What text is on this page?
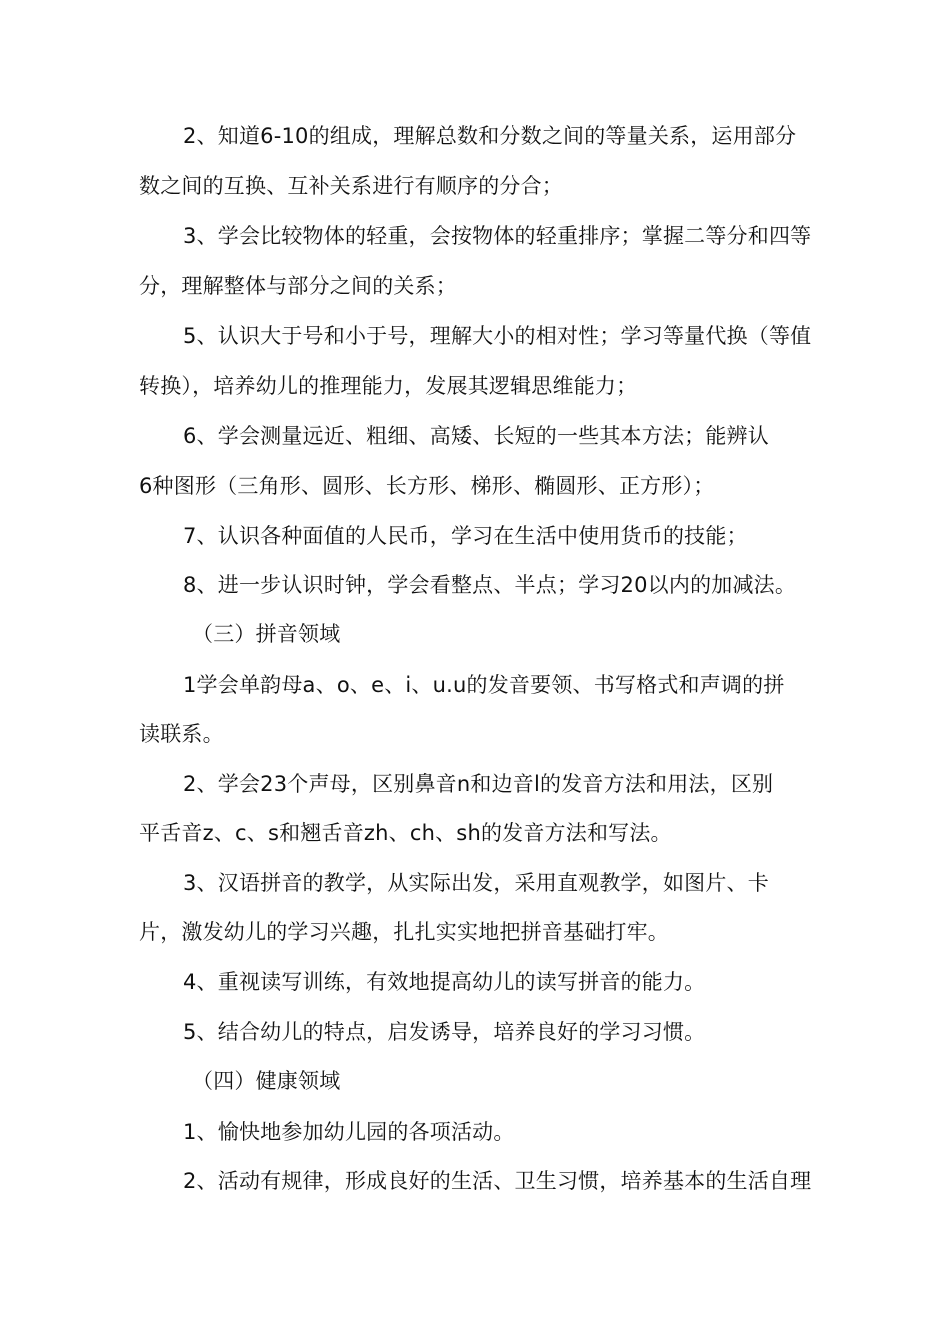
2、知道6-10的组成，理解总数和分数之间的等量关系，运用部分
数之间的互换、互补关系进行有顺序的分合；
3、学会比较物体的轻重，会按物体的轻重排序；掌握二等分和四等
分，理解整体与部分之间的关系；
5、认识大于号和小于号，理解大小的相对性；学习等量代换（等值
转换），培养幼儿的推理能力，发展其逻辑思维能力；
6、学会测量远近、粗细、高矮、长短的一些其本方法；能辨认
6种图形（三角形、圆形、长方形、梯形、椭圆形、正方形）；
7、认识各种面值的人民币，学习在生活中使用货币的技能；
8、进一步认识时钟，学会看整点、半点；学习20以内的加减法。
（三）拼音领域
1学会单韵母a、o、e、i、u.u的发音要领、书写格式和声调的拼
读联系。
2、学会23个声母，区别鼻音n和边音l的发音方法和用法，区别
平舌音z、c、s和翘舌音zh、ch、sh的发音方法和写法。
3、汉语拼音的教学，从实际出发，采用直观教学，如图片、卡
片，激发幼儿的学习兴趣，扎扎实实地把拼音基础打牢。
4、重视读写训练，有效地提高幼儿的读写拼音的能力。
5、结合幼儿的特点，启发诱导，培养良好的学习习惯。
（四）健康领域
1、愉快地参加幼儿园的各项活动。
2、活动有规律，形成良好的生活、卫生习惯，培养基本的生活自理
